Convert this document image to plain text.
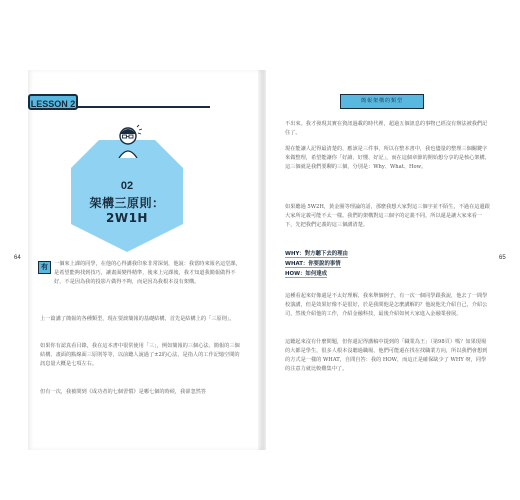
LESSON 2
02
架構三原則：2W1H
64	65
有	一個來上課的同學，在他的心得講我印象非常深刻，他說：我當時來報名這堂課，是希望能夠找到技巧，讓畫面變得精準，後來上完課後，我才知道我簡報做得不好，不是因為我的投影片做得不夠，而是因為我根本沒有架構。
上一篇講了簡報的各種類型，現在要談簡報的基礎結構，首先是結構上的「三原則」。
如果你有認真看目錄，我在這本書中很常使用「三」，例如簡報的三個心法、簡報的三個結構、畫面的點線面三原則等等，以前聽人說過了±2的心法，是指人的工作記憶空間的訊息量大概是七項左右。
但有一次，我被問到《成功者的七個習慣》是哪七個的時候，我卻忽然答
簡報架構的類型
不出來。我才發現其實在資訊過載的時代裡，超過五個訊息的事物已經沒有辦法被我們記住了。
現在能讓人記得最清楚的，應該是三件事，所以在整本書中，我也儘量的整理三個關鍵字來做整理，希望能讓你「好讀、好懂、好記」，而在這個章節的開始想分享的是核心架構，這三個就是我們要聊的三個，分別是：Why、What、How。
如果聽過 5W2H，黃金圈等理論的話，那麼我想大家對這三個字並不陌生，不過在這邊跟大家所定義可能不太一樣。我們的架構對這三個字的定義不同，所以還是讓大家來看一下，先把我們定義的這三個講清楚。
WHY：對方聽下去的理由
WHAT：你要說的事情
HOW：如何達成
這種看起來好像還是不太好理解，我來舉個例子，有一次一個同學跟我說，他去了一間學校演講，但是效果好像不是很好，於是我問他是怎麼講解的？他說他先介紹自己，介紹公司，然後介紹他的工作，介紹金融科技，最後介紹如何大家進入金融業發展。
這聽起來沒有什麼問題，但你還記得講稿中提到的「職業為王」（第98頁）嗎？如果現場的大都是學生，很多人根本沒聽過職場，他們可能還在找在找職業方向，所以我們會想到的方式是一樣的 WHAT，自問自答：我的 HOW，而這正是確保缺少了 WHY 呀，同學的注意力就比較難集中了。
